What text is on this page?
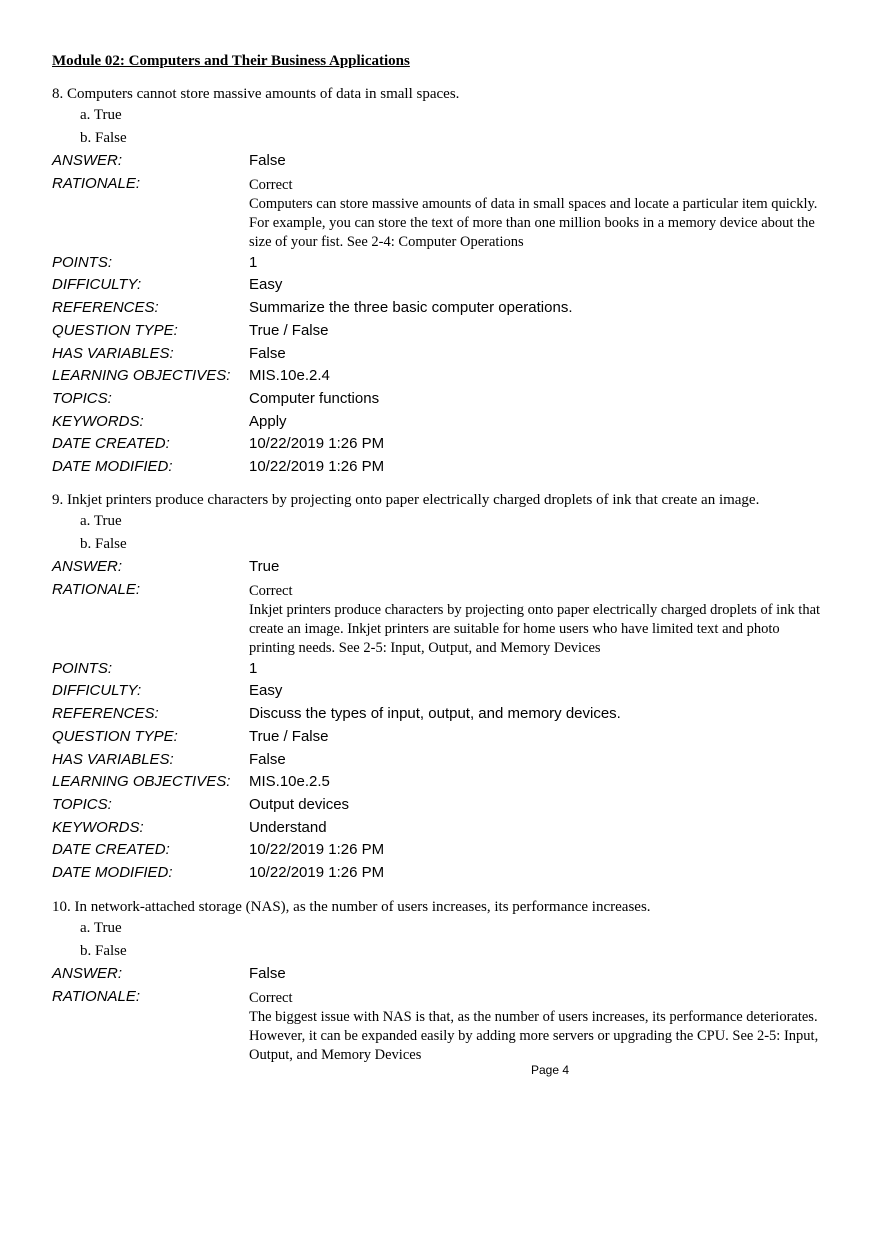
Module 02: Computers and Their Business Applications
8. Computers cannot store massive amounts of data in small spaces.
a. True
b. False
ANSWER:	False
RATIONALE:	Correct
Computers can store massive amounts of data in small spaces and locate a particular item quickly. For example, you can store the text of more than one million books in a memory device about the size of your fist. See 2-4: Computer Operations
POINTS:	1
DIFFICULTY:	Easy
REFERENCES:	Summarize the three basic computer operations.
QUESTION TYPE:	True / False
HAS VARIABLES:	False
LEARNING OBJECTIVES:	MIS.10e.2.4
TOPICS:	Computer functions
KEYWORDS:	Apply
DATE CREATED:	10/22/2019 1:26 PM
DATE MODIFIED:	10/22/2019 1:26 PM
9. Inkjet printers produce characters by projecting onto paper electrically charged droplets of ink that create an image.
a. True
b. False
ANSWER:	True
RATIONALE:	Correct
Inkjet printers produce characters by projecting onto paper electrically charged droplets of ink that create an image. Inkjet printers are suitable for home users who have limited text and photo printing needs. See 2-5: Input, Output, and Memory Devices
POINTS:	1
DIFFICULTY:	Easy
REFERENCES:	Discuss the types of input, output, and memory devices.
QUESTION TYPE:	True / False
HAS VARIABLES:	False
LEARNING OBJECTIVES:	MIS.10e.2.5
TOPICS:	Output devices
KEYWORDS:	Understand
DATE CREATED:	10/22/2019 1:26 PM
DATE MODIFIED:	10/22/2019 1:26 PM
10. In network-attached storage (NAS), as the number of users increases, its performance increases.
a. True
b. False
ANSWER:	False
RATIONALE:	Correct
The biggest issue with NAS is that, as the number of users increases, its performance deteriorates. However, it can be expanded easily by adding more servers or upgrading the CPU. See 2-5: Input, Output, and Memory Devices
Page 4
